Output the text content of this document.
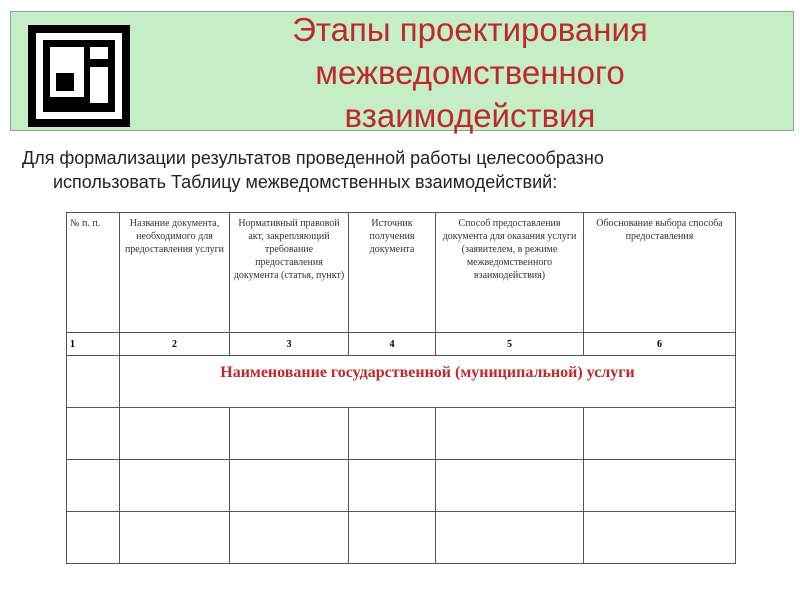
Этапы проектирования
межведомственного
взаимодействия

Для формализации результатов проведенной работы целесообразно

использовать Таблицу межведомственных взаимодействий:

№ п. п.	Название документа, необходимого для предоставления услуги	Нормативный правовой акт, закрепляющий требование предоставления документа (статья, пункт)	Источник получения документа	Способ предоставления документа для оказания услуги (заявителем, в режиме межведомственного взаимодействия)	Обоснование выбора способа предоставления
1	2	3	4	5	6
	Наименование государственной (муниципальной) услуги				
